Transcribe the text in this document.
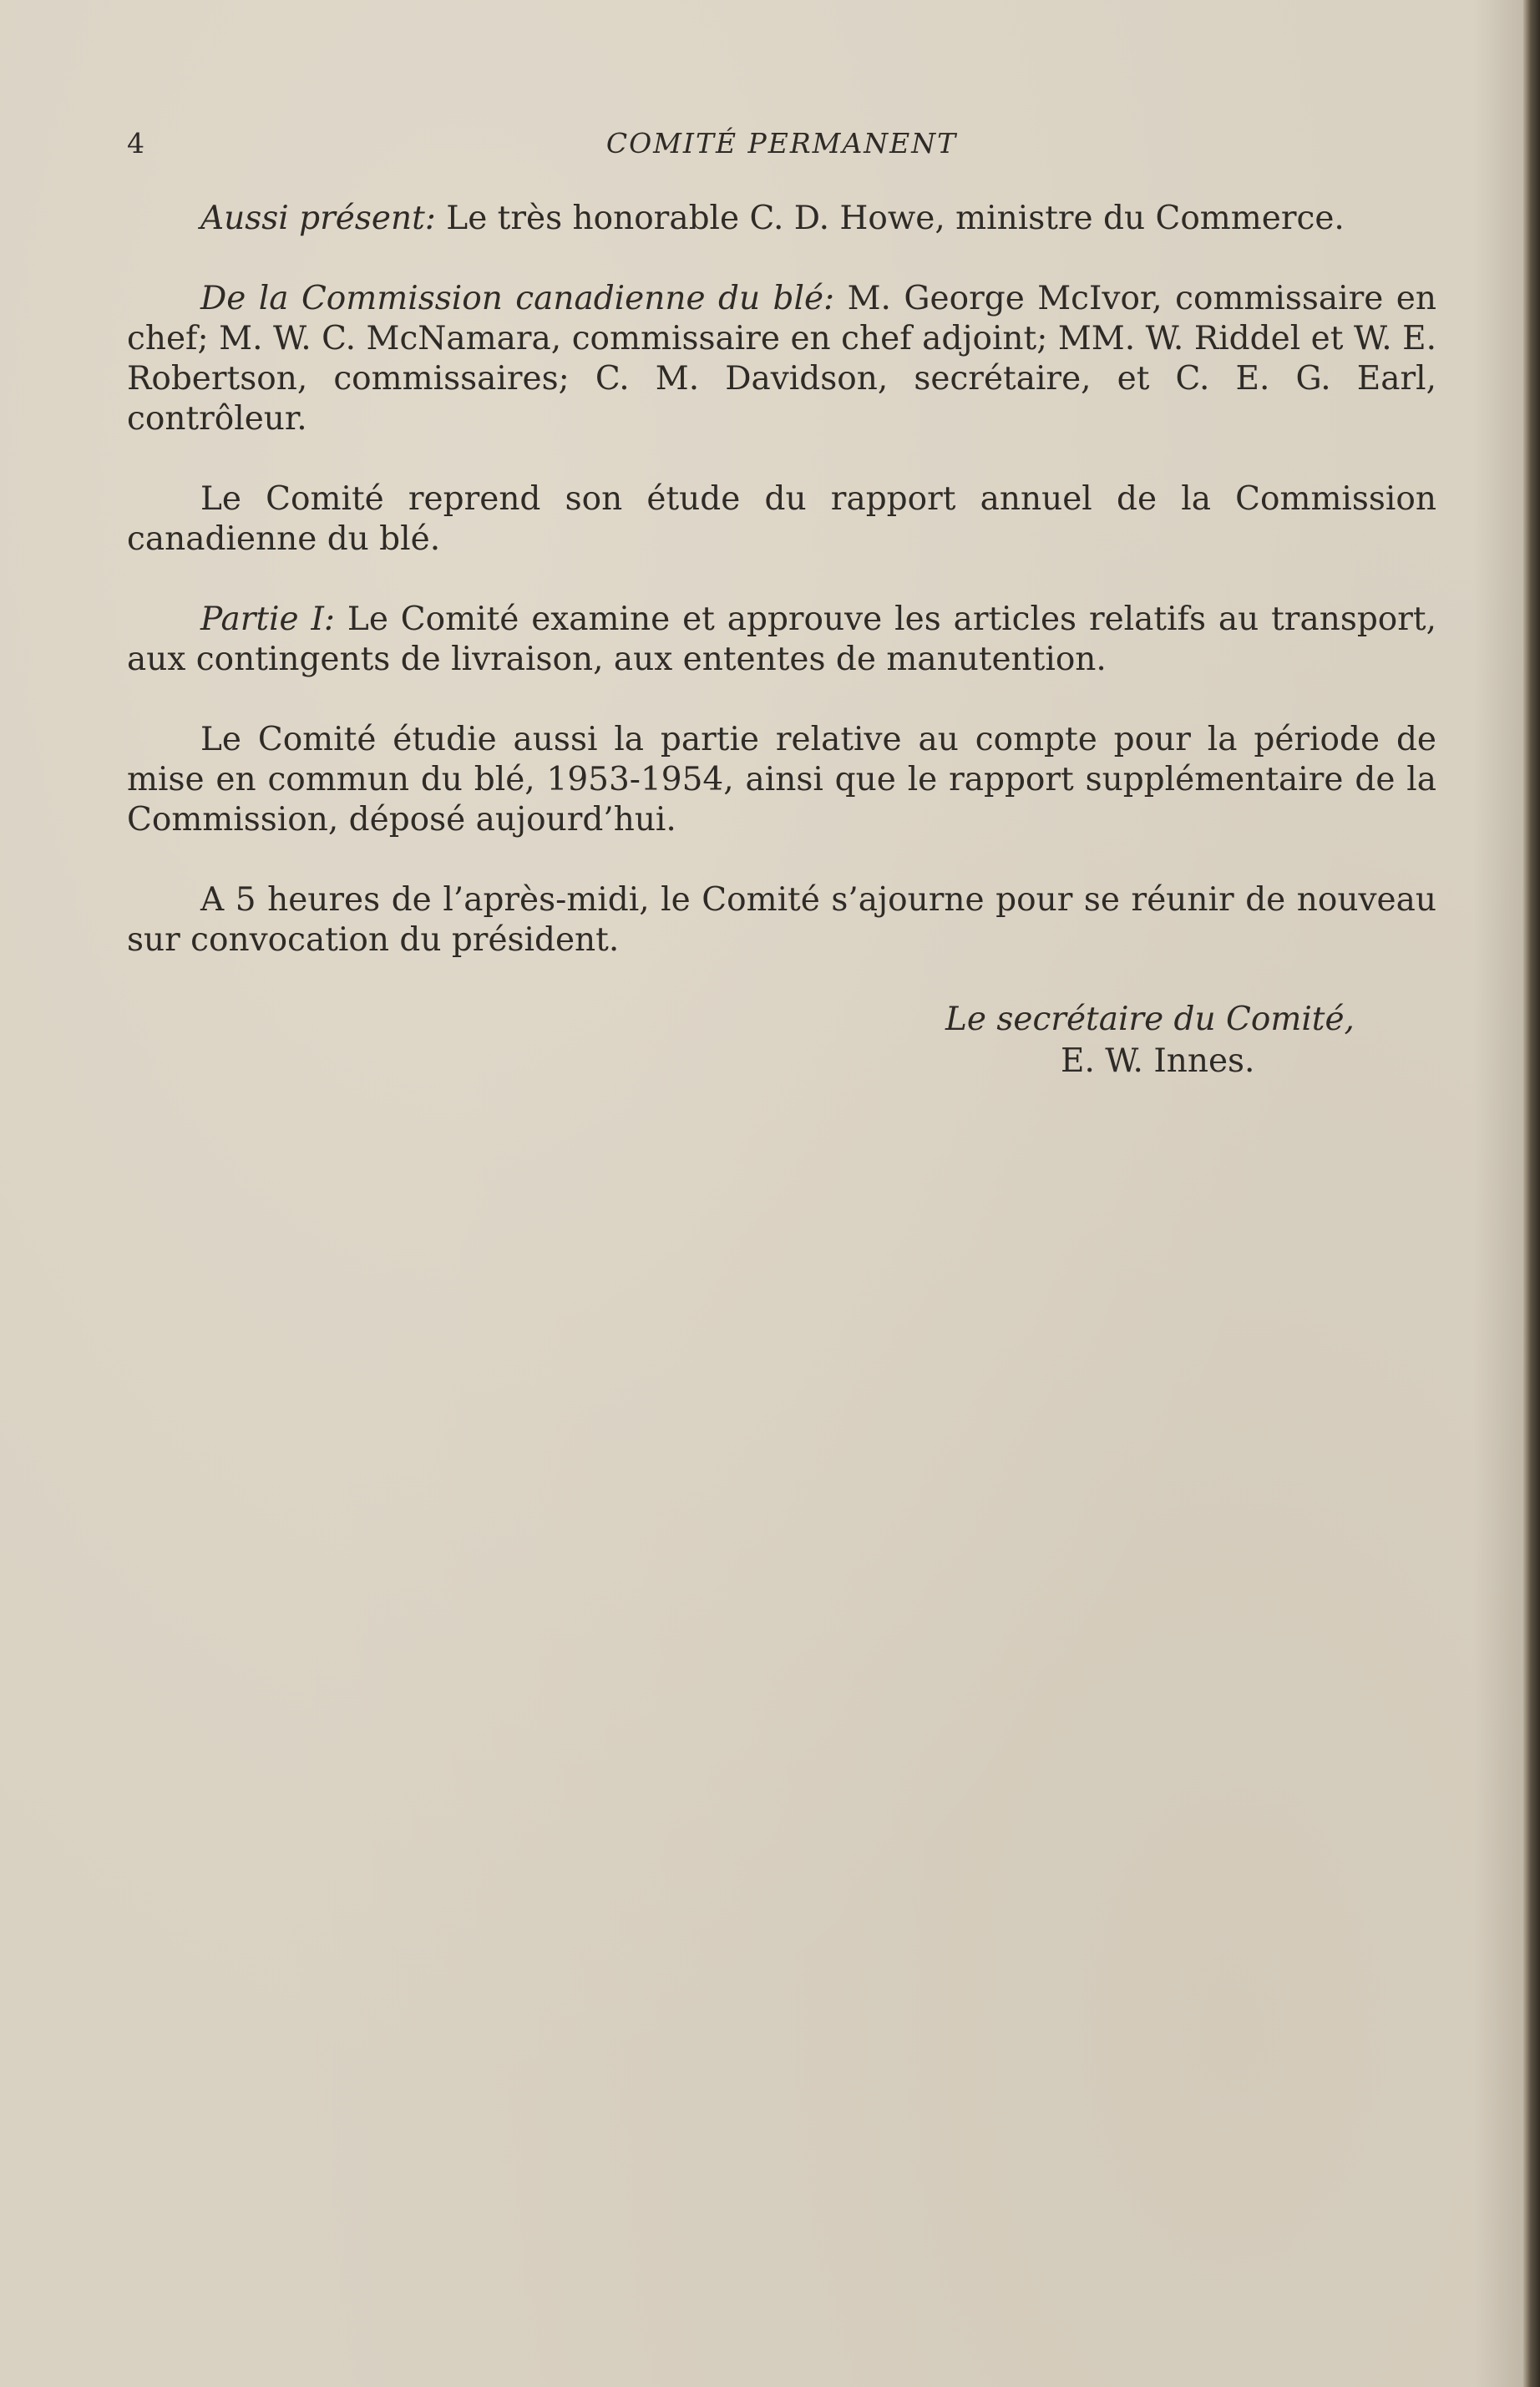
4	COMITÉ PERMANENT

Aussi présent: Le très honorable C. D. Howe, ministre du Commerce.

De la Commission canadienne du blé: M. George McIvor, commissaire en chef; M. W. C. McNamara, commissaire en chef adjoint; MM. W. Riddel et W. E. Robertson, commissaires; C. M. Davidson, secrétaire, et C. E. G. Earl, contrôleur.

Le Comité reprend son étude du rapport annuel de la Commission canadienne du blé.

Partie I: Le Comité examine et approuve les articles relatifs au transport, aux contingents de livraison, aux ententes de manutention.

Le Comité étudie aussi la partie relative au compte pour la période de mise en commun du blé, 1953-1954, ainsi que le rapport supplémentaire de la Commission, déposé aujourd’hui.

A 5 heures de l’après-midi, le Comité s’ajourne pour se réunir de nouveau sur convocation du président.

Le secrétaire du Comité,
E. W. Innes.
